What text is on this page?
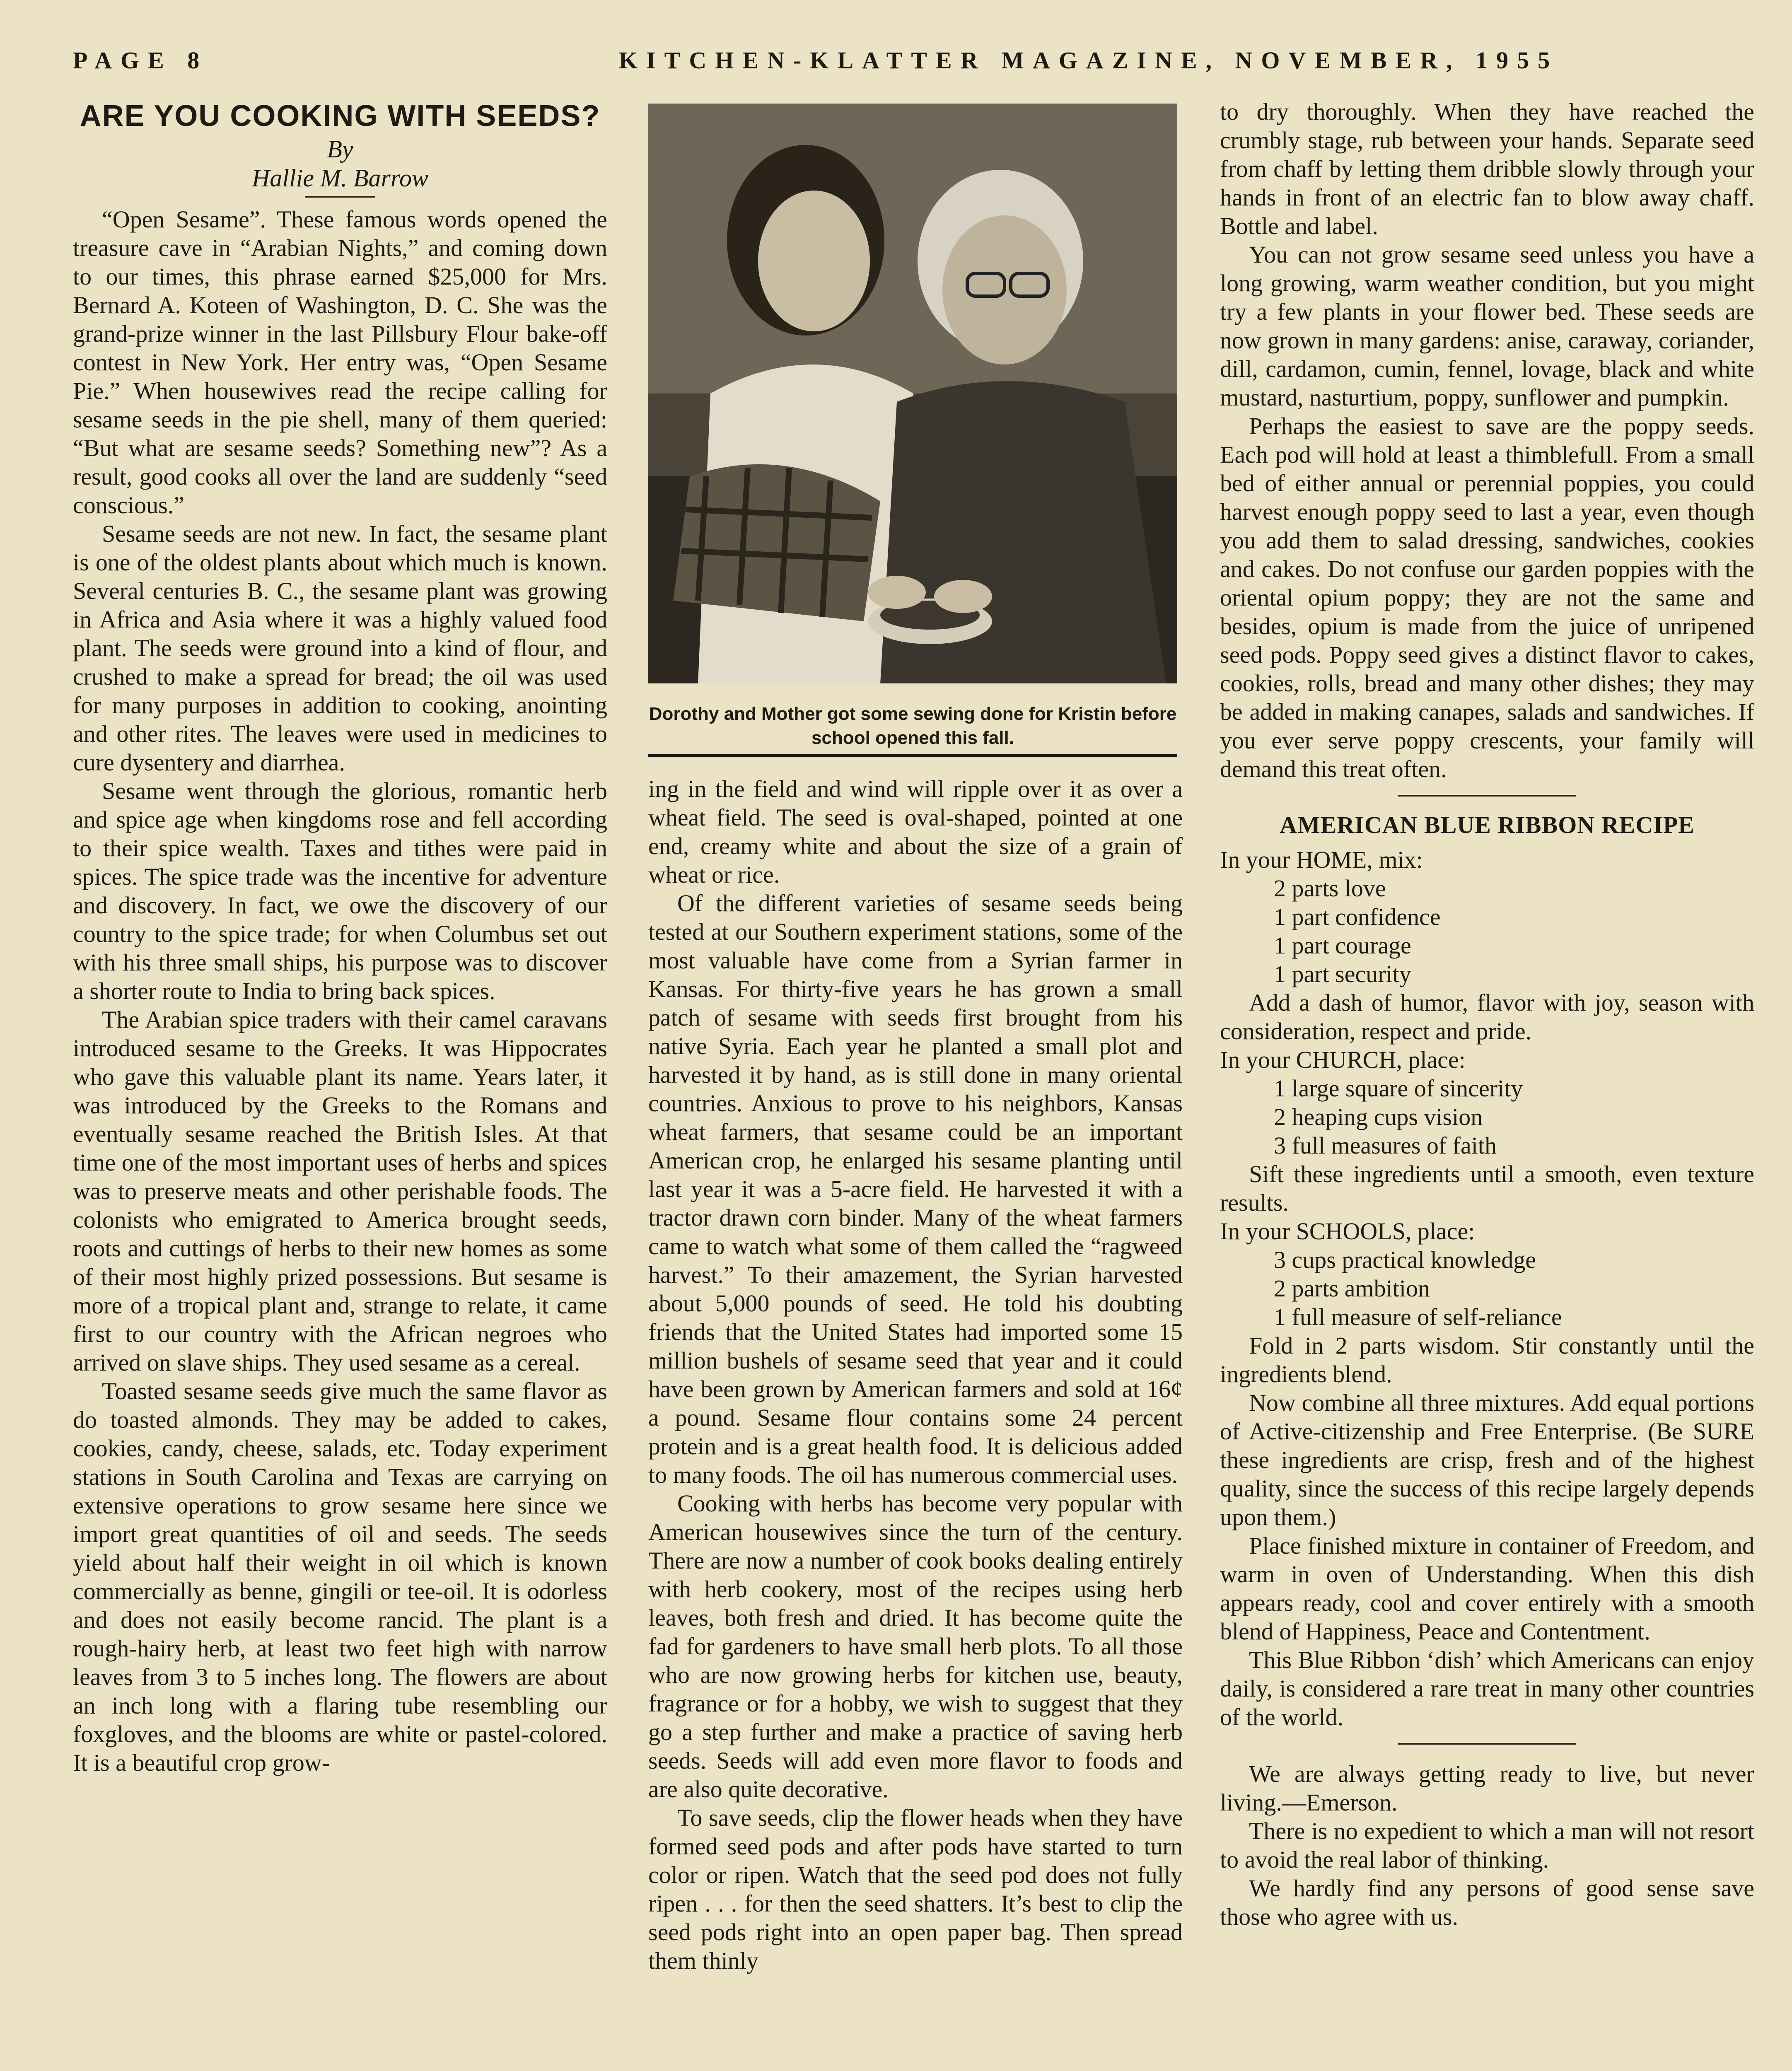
PAGE 8	KITCHEN-KLATTER MAGAZINE, NOVEMBER, 1955
ARE YOU COOKING WITH SEEDS?

By

Hallie M. Barrow

“Open Sesame”. These famous words opened the treasure cave in “Arabian Nights,” and coming down to our times, this phrase earned $25,000 for Mrs. Bernard A. Koteen of Washington, D. C. She was the grand-prize winner in the last Pillsbury Flour bake-off contest in New York. Her entry was, “Open Sesame Pie.” When housewives read the recipe calling for sesame seeds in the pie shell, many of them queried: “But what are sesame seeds? Something new”? As a result, good cooks all over the land are suddenly “seed conscious.”

Sesame seeds are not new. In fact, the sesame plant is one of the oldest plants about which much is known. Several centuries B. C., the sesame plant was growing in Africa and Asia where it was a highly valued food plant. The seeds were ground into a kind of flour, and crushed to make a spread for bread; the oil was used for many purposes in addition to cooking, anointing and other rites. The leaves were used in medicines to cure dysentery and diarrhea.

Sesame went through the glorious, romantic herb and spice age when kingdoms rose and fell according to their spice wealth. Taxes and tithes were paid in spices. The spice trade was the incentive for adventure and discovery. In fact, we owe the discovery of our country to the spice trade; for when Columbus set out with his three small ships, his purpose was to discover a shorter route to India to bring back spices.

The Arabian spice traders with their camel caravans introduced sesame to the Greeks. It was Hippocrates who gave this valuable plant its name. Years later, it was introduced by the Greeks to the Romans and eventually sesame reached the British Isles. At that time one of the most important uses of herbs and spices was to preserve meats and other perishable foods. The colonists who emigrated to America brought seeds, roots and cuttings of herbs to their new homes as some of their most highly prized possessions. But sesame is more of a tropical plant and, strange to relate, it came first to our country with the African negroes who arrived on slave ships. They used sesame as a cereal.

Toasted sesame seeds give much the same flavor as do toasted almonds. They may be added to cakes, cookies, candy, cheese, salads, etc. Today experiment stations in South Carolina and Texas are carrying on extensive operations to grow sesame here since we import great quantities of oil and seeds. The seeds yield about half their weight in oil which is known commercially as benne, gingili or tee-oil. It is odorless and does not easily become rancid. The plant is a rough-hairy herb, at least two feet high with narrow leaves from 3 to 5 inches long. The flowers are about an inch long with a flaring tube resembling our foxgloves, and the blooms are white or pastel-colored. It is a beautiful crop grow-

Dorothy and Mother got some sewing done for Kristin before school opened this fall.

ing in the field and wind will ripple over it as over a wheat field. The seed is oval-shaped, pointed at one end, creamy white and about the size of a grain of wheat or rice.

Of the different varieties of sesame seeds being tested at our Southern experiment stations, some of the most valuable have come from a Syrian farmer in Kansas. For thirty-five years he has grown a small patch of sesame with seeds first brought from his native Syria. Each year he planted a small plot and harvested it by hand, as is still done in many oriental countries. Anxious to prove to his neighbors, Kansas wheat farmers, that sesame could be an important American crop, he enlarged his sesame planting until last year it was a 5-acre field. He harvested it with a tractor drawn corn binder. Many of the wheat farmers came to watch what some of them called the “ragweed harvest.” To their amazement, the Syrian harvested about 5,000 pounds of seed. He told his doubting friends that the United States had imported some 15 million bushels of sesame seed that year and it could have been grown by American farmers and sold at 16¢ a pound. Sesame flour contains some 24 percent protein and is a great health food. It is delicious added to many foods. The oil has numerous commercial uses.

Cooking with herbs has become very popular with American housewives since the turn of the century. There are now a number of cook books dealing entirely with herb cookery, most of the recipes using herb leaves, both fresh and dried. It has become quite the fad for gardeners to have small herb plots. To all those who are now growing herbs for kitchen use, beauty, fragrance or for a hobby, we wish to suggest that they go a step further and make a practice of saving herb seeds. Seeds will add even more flavor to foods and are also quite decorative.

To save seeds, clip the flower heads when they have formed seed pods and after pods have started to turn color or ripen. Watch that the seed pod does not fully ripen . . . for then the seed shatters. It’s best to clip the seed pods right into an open paper bag. Then spread them thinly

to dry thoroughly. When they have reached the crumbly stage, rub between your hands. Separate seed from chaff by letting them dribble slowly through your hands in front of an electric fan to blow away chaff. Bottle and label.

You can not grow sesame seed unless you have a long growing, warm weather condition, but you might try a few plants in your flower bed. These seeds are now grown in many gardens: anise, caraway, coriander, dill, cardamon, cumin, fennel, lovage, black and white mustard, nasturtium, poppy, sunflower and pumpkin.

Perhaps the easiest to save are the poppy seeds. Each pod will hold at least a thimblefull. From a small bed of either annual or perennial poppies, you could harvest enough poppy seed to last a year, even though you add them to salad dressing, sandwiches, cookies and cakes. Do not confuse our garden poppies with the oriental opium poppy; they are not the same and besides, opium is made from the juice of unripened seed pods. Poppy seed gives a distinct flavor to cakes, cookies, rolls, bread and many other dishes; they may be added in making canapes, salads and sandwiches. If you ever serve poppy crescents, your family will demand this treat often.

AMERICAN BLUE RIBBON RECIPE

In your HOME, mix:

2 parts love

1 part confidence

1 part courage

1 part security

Add a dash of humor, flavor with joy, season with consideration, respect and pride.

In your CHURCH, place:

1 large square of sincerity

2 heaping cups vision

3 full measures of faith

Sift these ingredients until a smooth, even texture results.

In your SCHOOLS, place:

3 cups practical knowledge

2 parts ambition

1 full measure of self-reliance

Fold in 2 parts wisdom. Stir constantly until the ingredients blend.

Now combine all three mixtures. Add equal portions of Active-citizenship and Free Enterprise. (Be SURE these ingredients are crisp, fresh and of the highest quality, since the success of this recipe largely depends upon them.)

Place finished mixture in container of Freedom, and warm in oven of Understanding. When this dish appears ready, cool and cover entirely with a smooth blend of Happiness, Peace and Contentment.

This Blue Ribbon ‘dish’ which Americans can enjoy daily, is considered a rare treat in many other countries of the world.

We are always getting ready to live, but never living.—Emerson.

There is no expedient to which a man will not resort to avoid the real labor of thinking.

We hardly find any persons of good sense save those who agree with us.
